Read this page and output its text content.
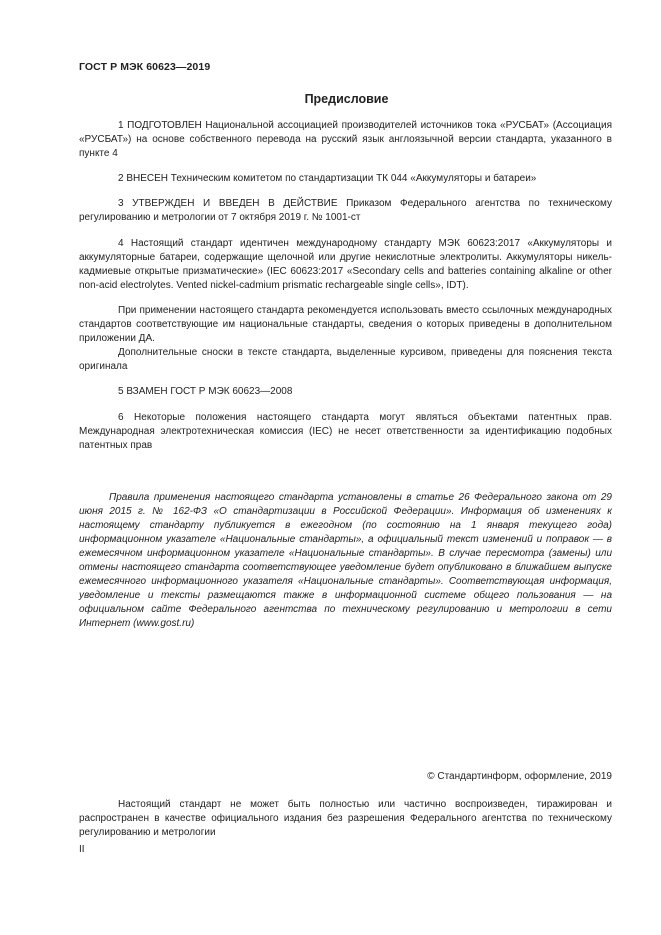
ГОСТ Р МЭК 60623—2019
Предисловие

1 ПОДГОТОВЛЕН Национальной ассоциацией производителей источников тока «РУСБАТ» (Ассоциация «РУСБАТ») на основе собственного перевода на русский язык англоязычной версии стандарта, указанного в пункте 4

2 ВНЕСЕН Техническим комитетом по стандартизации ТК 044 «Аккумуляторы и батареи»

3 УТВЕРЖДЕН И ВВЕДЕН В ДЕЙСТВИЕ Приказом Федерального агентства по техническому регулированию и метрологии от 7 октября 2019 г. № 1001-ст

4 Настоящий стандарт идентичен международному стандарту МЭК 60623:2017 «Аккумуляторы и аккумуляторные батареи, содержащие щелочной или другие некислотные электролиты. Аккумуляторы никель-кадмиевые открытые призматические» (IEC 60623:2017 «Secondary cells and batteries containing alkaline or other non-acid electrolytes. Vented nickel-cadmium prismatic rechargeable single cells», IDT).

При применении настоящего стандарта рекомендуется использовать вместо ссылочных международных стандартов соответствующие им национальные стандарты, сведения о которых приведены в дополнительном приложении ДА.

Дополнительные сноски в тексте стандарта, выделенные курсивом, приведены для пояснения текста оригинала

5 ВЗАМЕН ГОСТ Р МЭК 60623—2008

6 Некоторые положения настоящего стандарта могут являться объектами патентных прав. Международная электротехническая комиссия (IEC) не несет ответственности за идентификацию подобных патентных прав

Правила применения настоящего стандарта установлены в статье 26 Федерального закона от 29 июня 2015 г. № 162-ФЗ «О стандартизации в Российской Федерации». Информация об изменениях к настоящему стандарту публикуется в ежегодном (по состоянию на 1 января текущего года) информационном указателе «Национальные стандарты», а официальный текст изменений и поправок — в ежемесячном информационном указателе «Национальные стандарты». В случае пересмотра (замены) или отмены настоящего стандарта соответствующее уведомление будет опубликовано в ближайшем выпуске ежемесячного информационного указателя «Национальные стандарты». Соответствующая информация, уведомление и тексты размещаются также в информационной системе общего пользования — на официальном сайте Федерального агентства по техническому регулированию и метрологии в сети Интернет (www.gost.ru)

© Стандартинформ, оформление, 2019

Настоящий стандарт не может быть полностью или частично воспроизведен, тиражирован и распространен в качестве официального издания без разрешения Федерального агентства по техническому регулированию и метрологии

II
